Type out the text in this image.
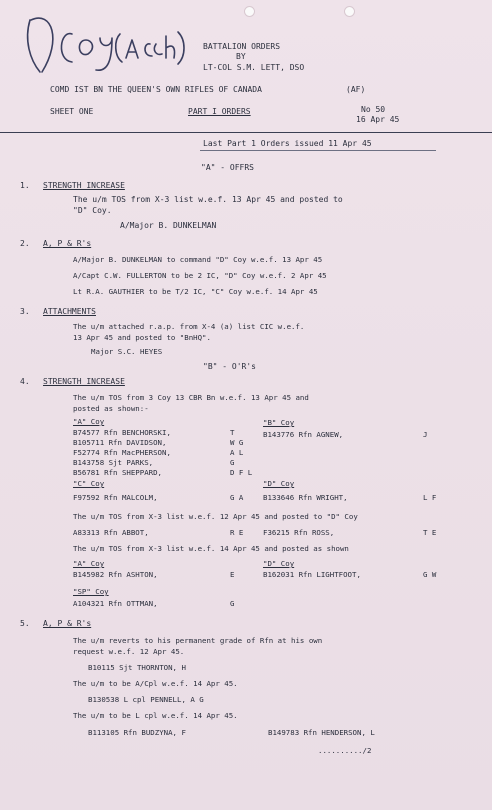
BATTALION ORDERS
BY
LT-COL S.M. LETT, DSO
COMD IST BN THE QUEEN'S OWN RIFLES OF CANADA	(AF)
SHEET ONE	PART I ORDERS	No 50
16 Apr 45
Last Part 1 Orders issued 11 Apr 45
"A" - OFFRS
1. STRENGTH INCREASE
The u/m TOS from X-3 list w.e.f. 13 Apr 45 and posted to
"D" Coy.
A/Major B. DUNKELMAN
2. A, P & R's
A/Major B. DUNKELMAN to command "D" Coy w.e.f. 13 Apr 45
A/Capt C.W. FULLERTON to be 2 IC, "D" Coy w.e.f. 2 Apr 45
Lt R.A. GAUTHIER to be T/2 IC, "C" Coy w.e.f. 14 Apr 45
3. ATTACHMENTS
The u/m attached r.a.p. from X-4 (a) list CIC w.e.f.
13 Apr 45 and posted to "BnHQ".
Major S.C. HEYES
"B" - O'R's
4. STRENGTH INCREASE
The u/m TOS from 3 Coy 13 CBR Bn w.e.f. 13 Apr 45 and
posted as shown:-
"A" Coy
B74577 Rfn BENCHORSKI,	T
B105711 Rfn DAVIDSON,	W G
F52774 Rfn MacPHERSON,	A L
B143758 Sjt PARKS,	G
B56781 Rfn SHEPPARD,	D F L
"B" Coy
B143776 Rfn AGNEW,	J
"C" Coy
F97592 Rfn MALCOLM,	G A
"D" Coy
B133646 Rfn WRIGHT,	L F
The u/m TOS from X-3 list w.e.f. 12 Apr 45 and posted to "D" Coy
A83313 Rfn ABBOT,	R E	F36215 Rfn ROSS,	T E
The u/m TOS from X-3 list w.e.f. 14 Apr 45 and posted as shown
"A" Coy
B145982 Rfn ASHTON,	E
"D" Coy
B162031 Rfn LIGHTFOOT,	G W
"SP" Coy
A104321 Rfn OTTMAN,	G
5. A, P & R's
The u/m reverts to his permanent grade of Rfn at his own
request w.e.f. 12 Apr 45.
B10115 Sjt THORNTON, H
The u/m to be A/Cpl w.e.f. 14 Apr 45.
B130538 L cpl PENNELL, A G
The u/m to be L cpl w.e.f. 14 Apr 45.
B113105 Rfn BUDZYNA, F	B149783 Rfn HENDERSON, L
........../2
